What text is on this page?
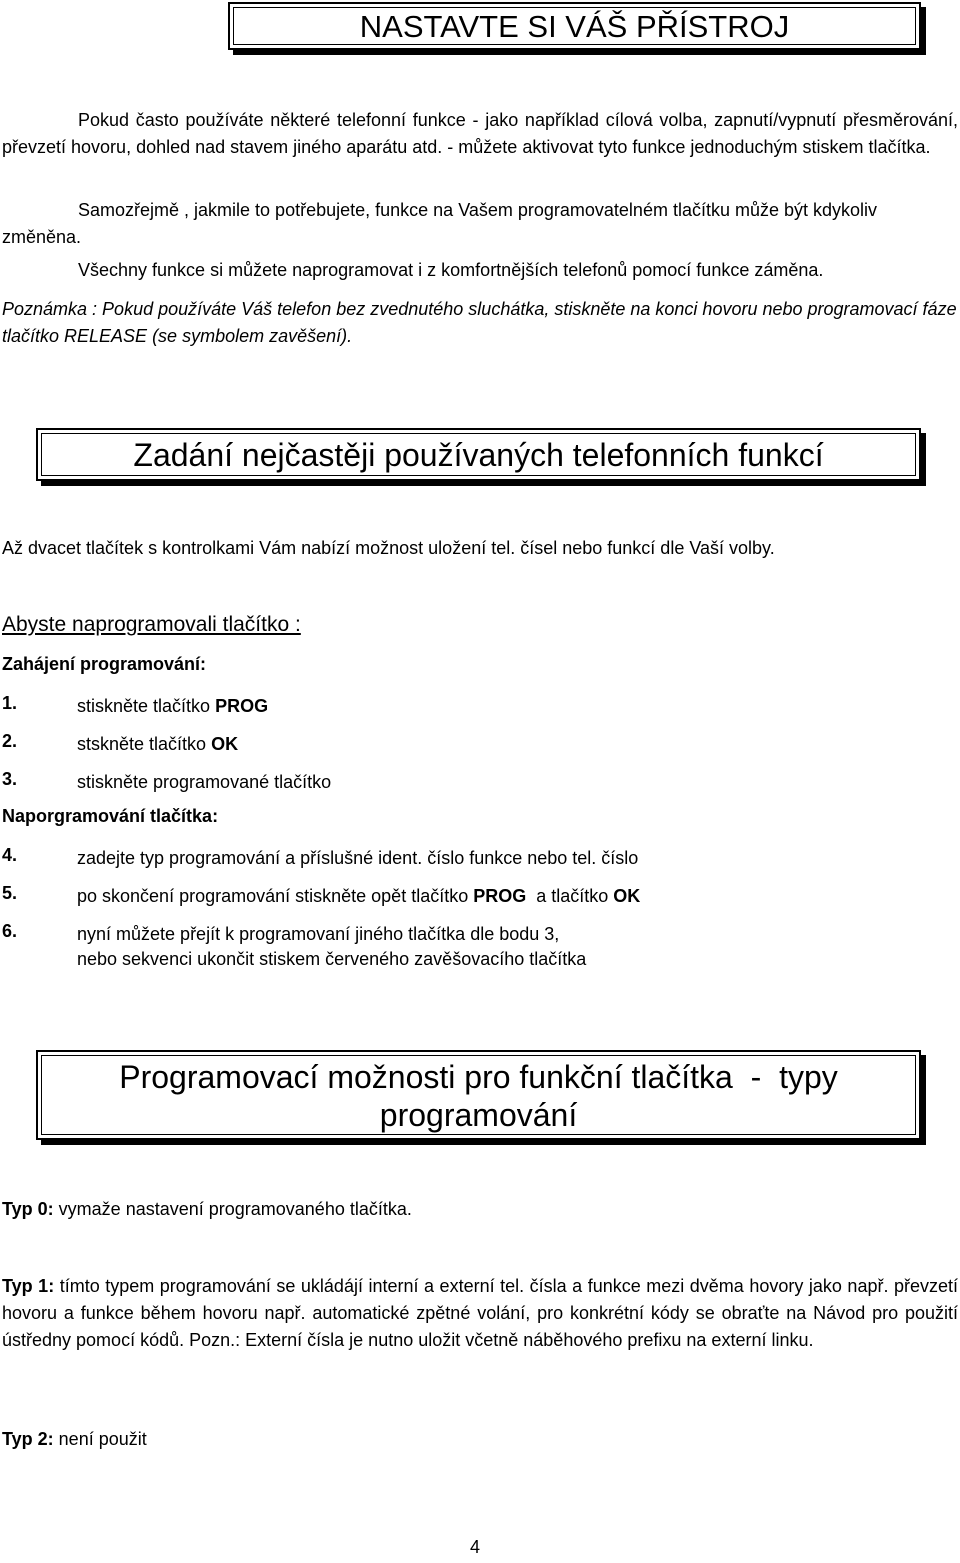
NASTAVTE SI VÁŠ PŘÍSTROJ
Pokud často používáte některé telefonní funkce - jako například cílová volba, zapnutí/vypnutí přesměrování, převzetí hovoru, dohled nad stavem jiného aparátu atd. - můžete aktivovat tyto funkce jednoduchým stiskem tlačítka.
Samozřejmě , jakmile to potřebujete, funkce na Vašem programovatelném tlačítku může být kdykoliv změněna.
Všechny funkce si můžete naprogramovat i z komfortnějších telefonů pomocí funkce záměna.
Poznámka : Pokud používáte Váš telefon bez zvednutého sluchátka, stiskněte na konci hovoru nebo programovací fáze tlačítko RELEASE (se symbolem zavěšení).
Zadání nejčastěji používaných telefonních funkcí
Až dvacet tlačítek s kontrolkami Vám nabízí možnost uložení tel. čísel nebo funkcí dle Vaší volby.
Abyste naprogramovali tlačítko :
Zahájení programování:
1.	stiskněte tlačítko PROG
2.	stskněte tlačítko OK
3.	stiskněte programované tlačítko
Naporgramování tlačítka:
4.	zadejte typ programování a příslušné ident. číslo funkce nebo tel. číslo
5.	po skončení programování stiskněte opět tlačítko PROG  a tlačítko OK
6.	nyní můžete přejít k programovaní jiného tlačítka dle bodu 3,
nebo sekvenci ukončit stiskem červeného zavěšovacího tlačítka
Programovací možnosti pro funkční tlačítka  -  typy
programování
Typ 0: vymaže nastavení programovaného tlačítka.
Typ 1: tímto typem programování se ukládájí interní a externí tel. čísla a funkce mezi dvěma hovory jako např. převzetí hovoru a funkce během hovoru např. automatické zpětné volání, pro konkrétní kódy se obraťte na Návod pro použití ústředny pomocí kódů. Pozn.: Externí čísla je nutno uložit včetně náběhového prefixu na externí linku.
Typ 2: není použit
4
